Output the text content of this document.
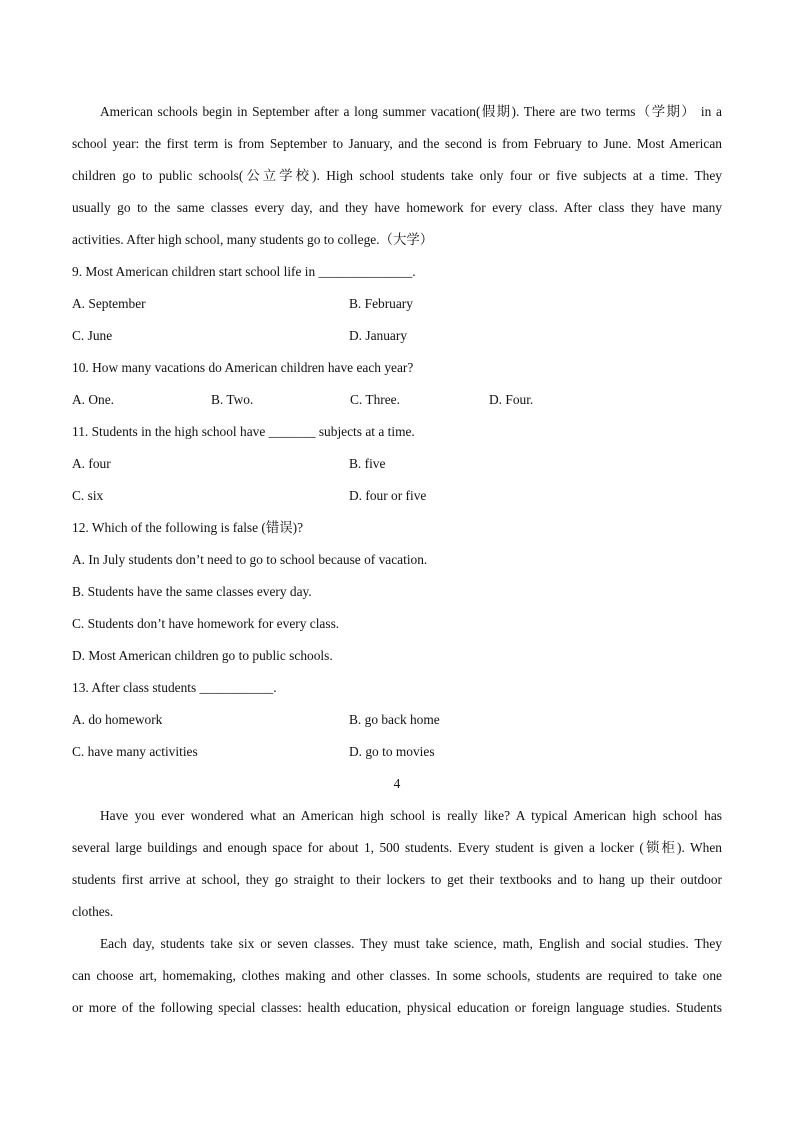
American schools begin in September after a long summer vacation(假期). There are two terms（学期） in a
school year: the first term is from September to January, and the second is from February to June. Most American
children go to public schools(公立学校). High school students take only four or five subjects at a time. They
usually go to the same classes every day, and they have homework for every class. After class they have many
activities. After high school, many students go to college.（大学）
9. Most American children start school life in ______________.
A. September	B. February
C. June	D. January
10. How many vacations do American children have each year?
A. One.	B. Two.	C. Three.	D. Four.
11. Students in the high school have _______ subjects at a time.
A. four	B. five
C. six	D. four or five
12. Which of the following is false (错误)?
A. In July students don’t need to go to school because of vacation.
B. Students have the same classes every day.
C. Students don’t have homework for every class.
D. Most American children go to public schools.
13. After class students ___________.
A. do homework	B. go back home
C. have many activities	D. go to movies
4
Have you ever wondered what an American high school is really like? A typical American high school has
several large buildings and enough space for about 1, 500 students. Every student is given a locker (锁柜). When
students first arrive at school, they go straight to their lockers to get their textbooks and to hang up their outdoor
clothes.
Each day, students take six or seven classes. They must take science, math, English and social studies. They
can choose art, homemaking, clothes making and other classes. In some schools, students are required to take one
or more of the following special classes: health education, physical education or foreign language studies. Students
